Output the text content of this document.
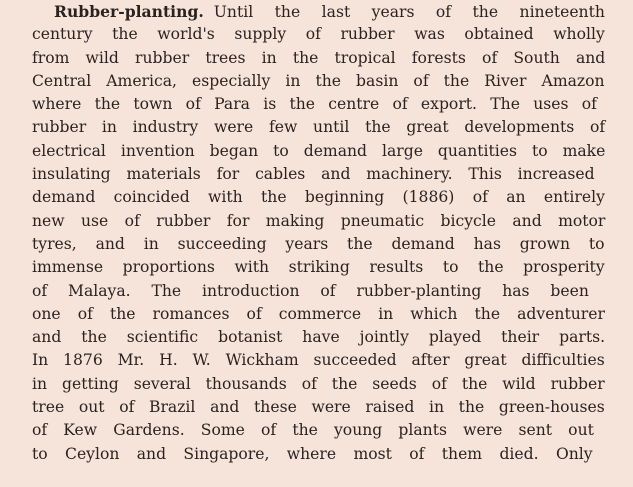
Rubber-planting. Until the last years of the nineteenth
century the world's supply of rubber was obtained wholly
from wild rubber trees in the tropical forests of South and
Central America, especially in the basin of the River Amazon
where the town of Para is the centre of export. The uses of
rubber in industry were few until the great developments of
electrical invention began to demand large quantities to make
insulating materials for cables and machinery. This increased
demand coincided with the beginning (1886) of an entirely
new use of rubber for making pneumatic bicycle and motor
tyres, and in succeeding years the demand has grown to
immense proportions with striking results to the prosperity
of Malaya. The introduction of rubber-planting has been
one of the romances of commerce in which the adventurer
and the scientific botanist have jointly played their parts.
In 1876 Mr. H. W. Wickham succeeded after great difficulties
in getting several thousands of the seeds of the wild rubber
tree out of Brazil and these were raised in the green-houses
of Kew Gardens. Some of the young plants were sent out
to Ceylon and Singapore, where most of them died. Only
